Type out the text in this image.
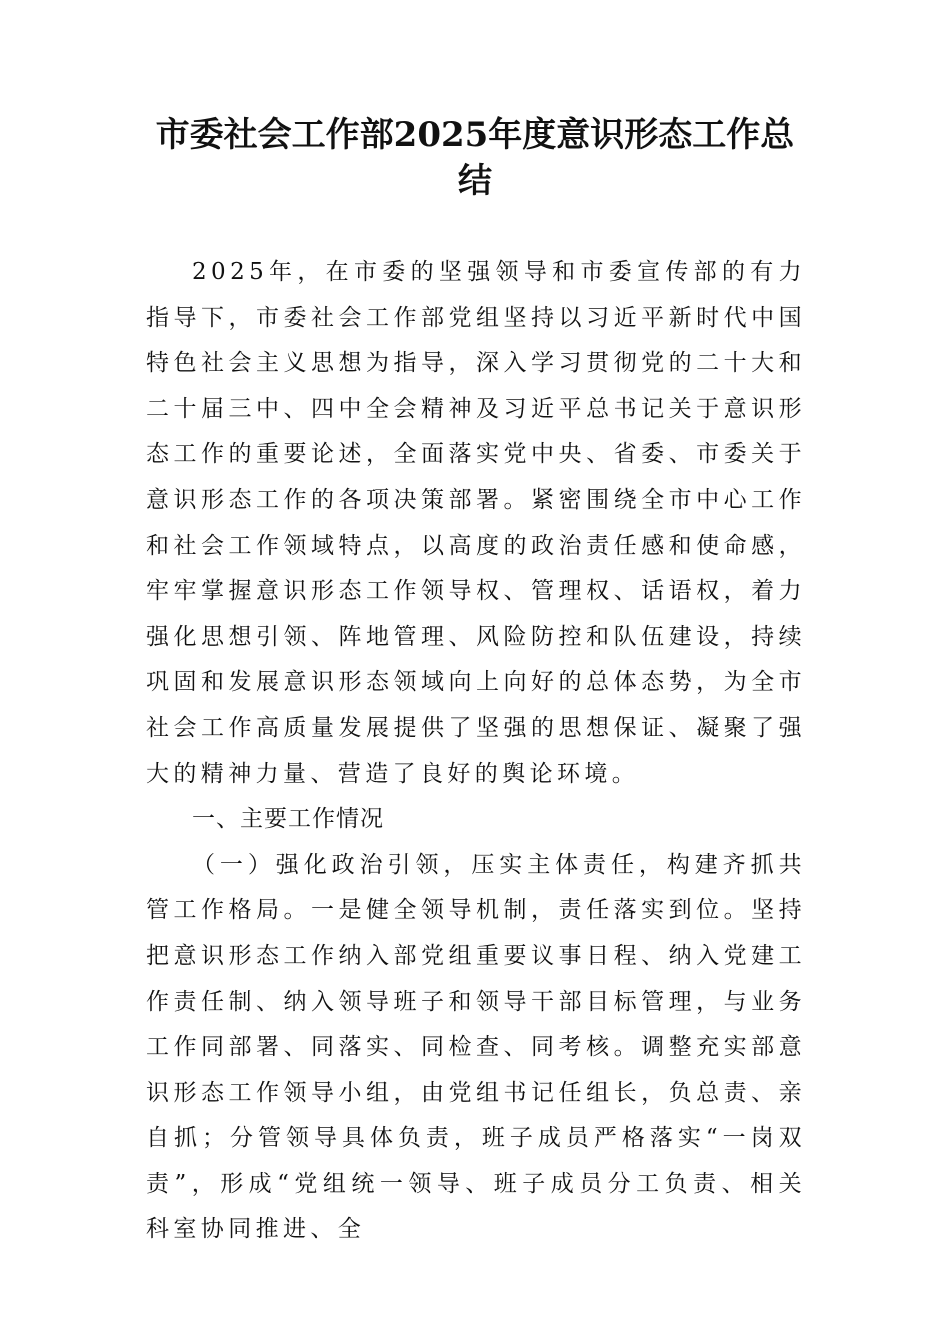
市委社会工作部2025年度意识形态工作总结

2025年，在市委的坚强领导和市委宣传部的有力指导下，市委社会工作部党组坚持以习近平新时代中国特色社会主义思想为指导，深入学习贯彻党的二十大和二十届三中、四中全会精神及习近平总书记关于意识形态工作的重要论述，全面落实党中央、省委、市委关于意识形态工作的各项决策部署。紧密围绕全市中心工作和社会工作领域特点，以高度的政治责任感和使命感，牢牢掌握意识形态工作领导权、管理权、话语权，着力强化思想引领、阵地管理、风险防控和队伍建设，持续巩固和发展意识形态领域向上向好的总体态势，为全市社会工作高质量发展提供了坚强的思想保证、凝聚了强大的精神力量、营造了良好的舆论环境。

一、主要工作情况

（一）强化政治引领，压实主体责任，构建齐抓共管工作格局。一是健全领导机制，责任落实到位。坚持把意识形态工作纳入部党组重要议事日程、纳入党建工作责任制、纳入领导班子和领导干部目标管理，与业务工作同部署、同落实、同检查、同考核。调整充实部意识形态工作领导小组，由党组书记任组长，负总责、亲自抓；分管领导具体负责，班子成员严格落实“一岗双责”，形成“党组统一领导、班子成员分工负责、相关科室协同推进、全
